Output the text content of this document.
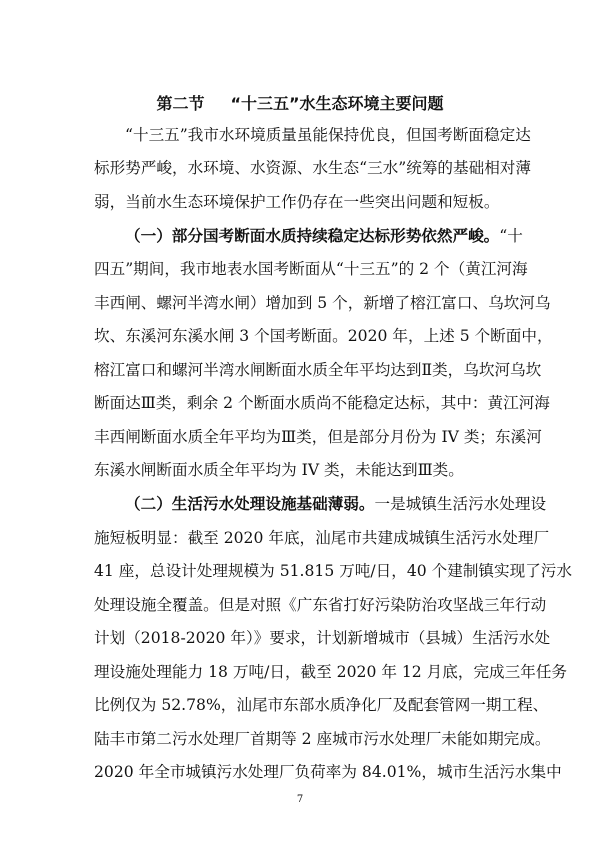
第二节 “十三五”水生态环境主要问题
“十三五”我市水环境质量虽能保持优良，但国考断面稳定达
标形势严峻，水环境、水资源、水生态“三水”统筹的基础相对薄
弱，当前水生态环境保护工作仍存在一些突出问题和短板。
（一）部分国考断面水质持续稳定达标形势依然严峻。“十
四五”期间，我市地表水国考断面从“十三五”的 2 个（黄江河海
丰西闸、螺河半湾水闸）增加到 5 个，新增了榕江富口、乌坎河乌
坎、东溪河东溪水闸 3 个国考断面。2020 年，上述 5 个断面中，
榕江富口和螺河半湾水闸断面水质全年平均达到Ⅱ类，乌坎河乌坎
断面达Ⅲ类，剩余 2 个断面水质尚不能稳定达标，其中：黄江河海
丰西闸断面水质全年平均为Ⅲ类，但是部分月份为 IV 类；东溪河
东溪水闸断面水质全年平均为 IV 类，未能达到Ⅲ类。
（二）生活污水处理设施基础薄弱。一是城镇生活污水处理设
施短板明显：截至 2020 年底，汕尾市共建成城镇生活污水处理厂
41 座，总设计处理规模为 51.815 万吨/日，40 个建制镇实现了污水
处理设施全覆盖。但是对照《广东省打好污染防治攻坚战三年行动
计划（2018-2020 年）》要求，计划新增城市（县城）生活污水处
理设施处理能力 18 万吨/日，截至 2020 年 12 月底，完成三年任务
比例仅为 52.78%，汕尾市东部水质净化厂及配套管网一期工程、
陆丰市第二污水处理厂首期等 2 座城市污水处理厂未能如期完成。
2020 年全市城镇污水处理厂负荷率为 84.01%，城市生活污水集中
7
